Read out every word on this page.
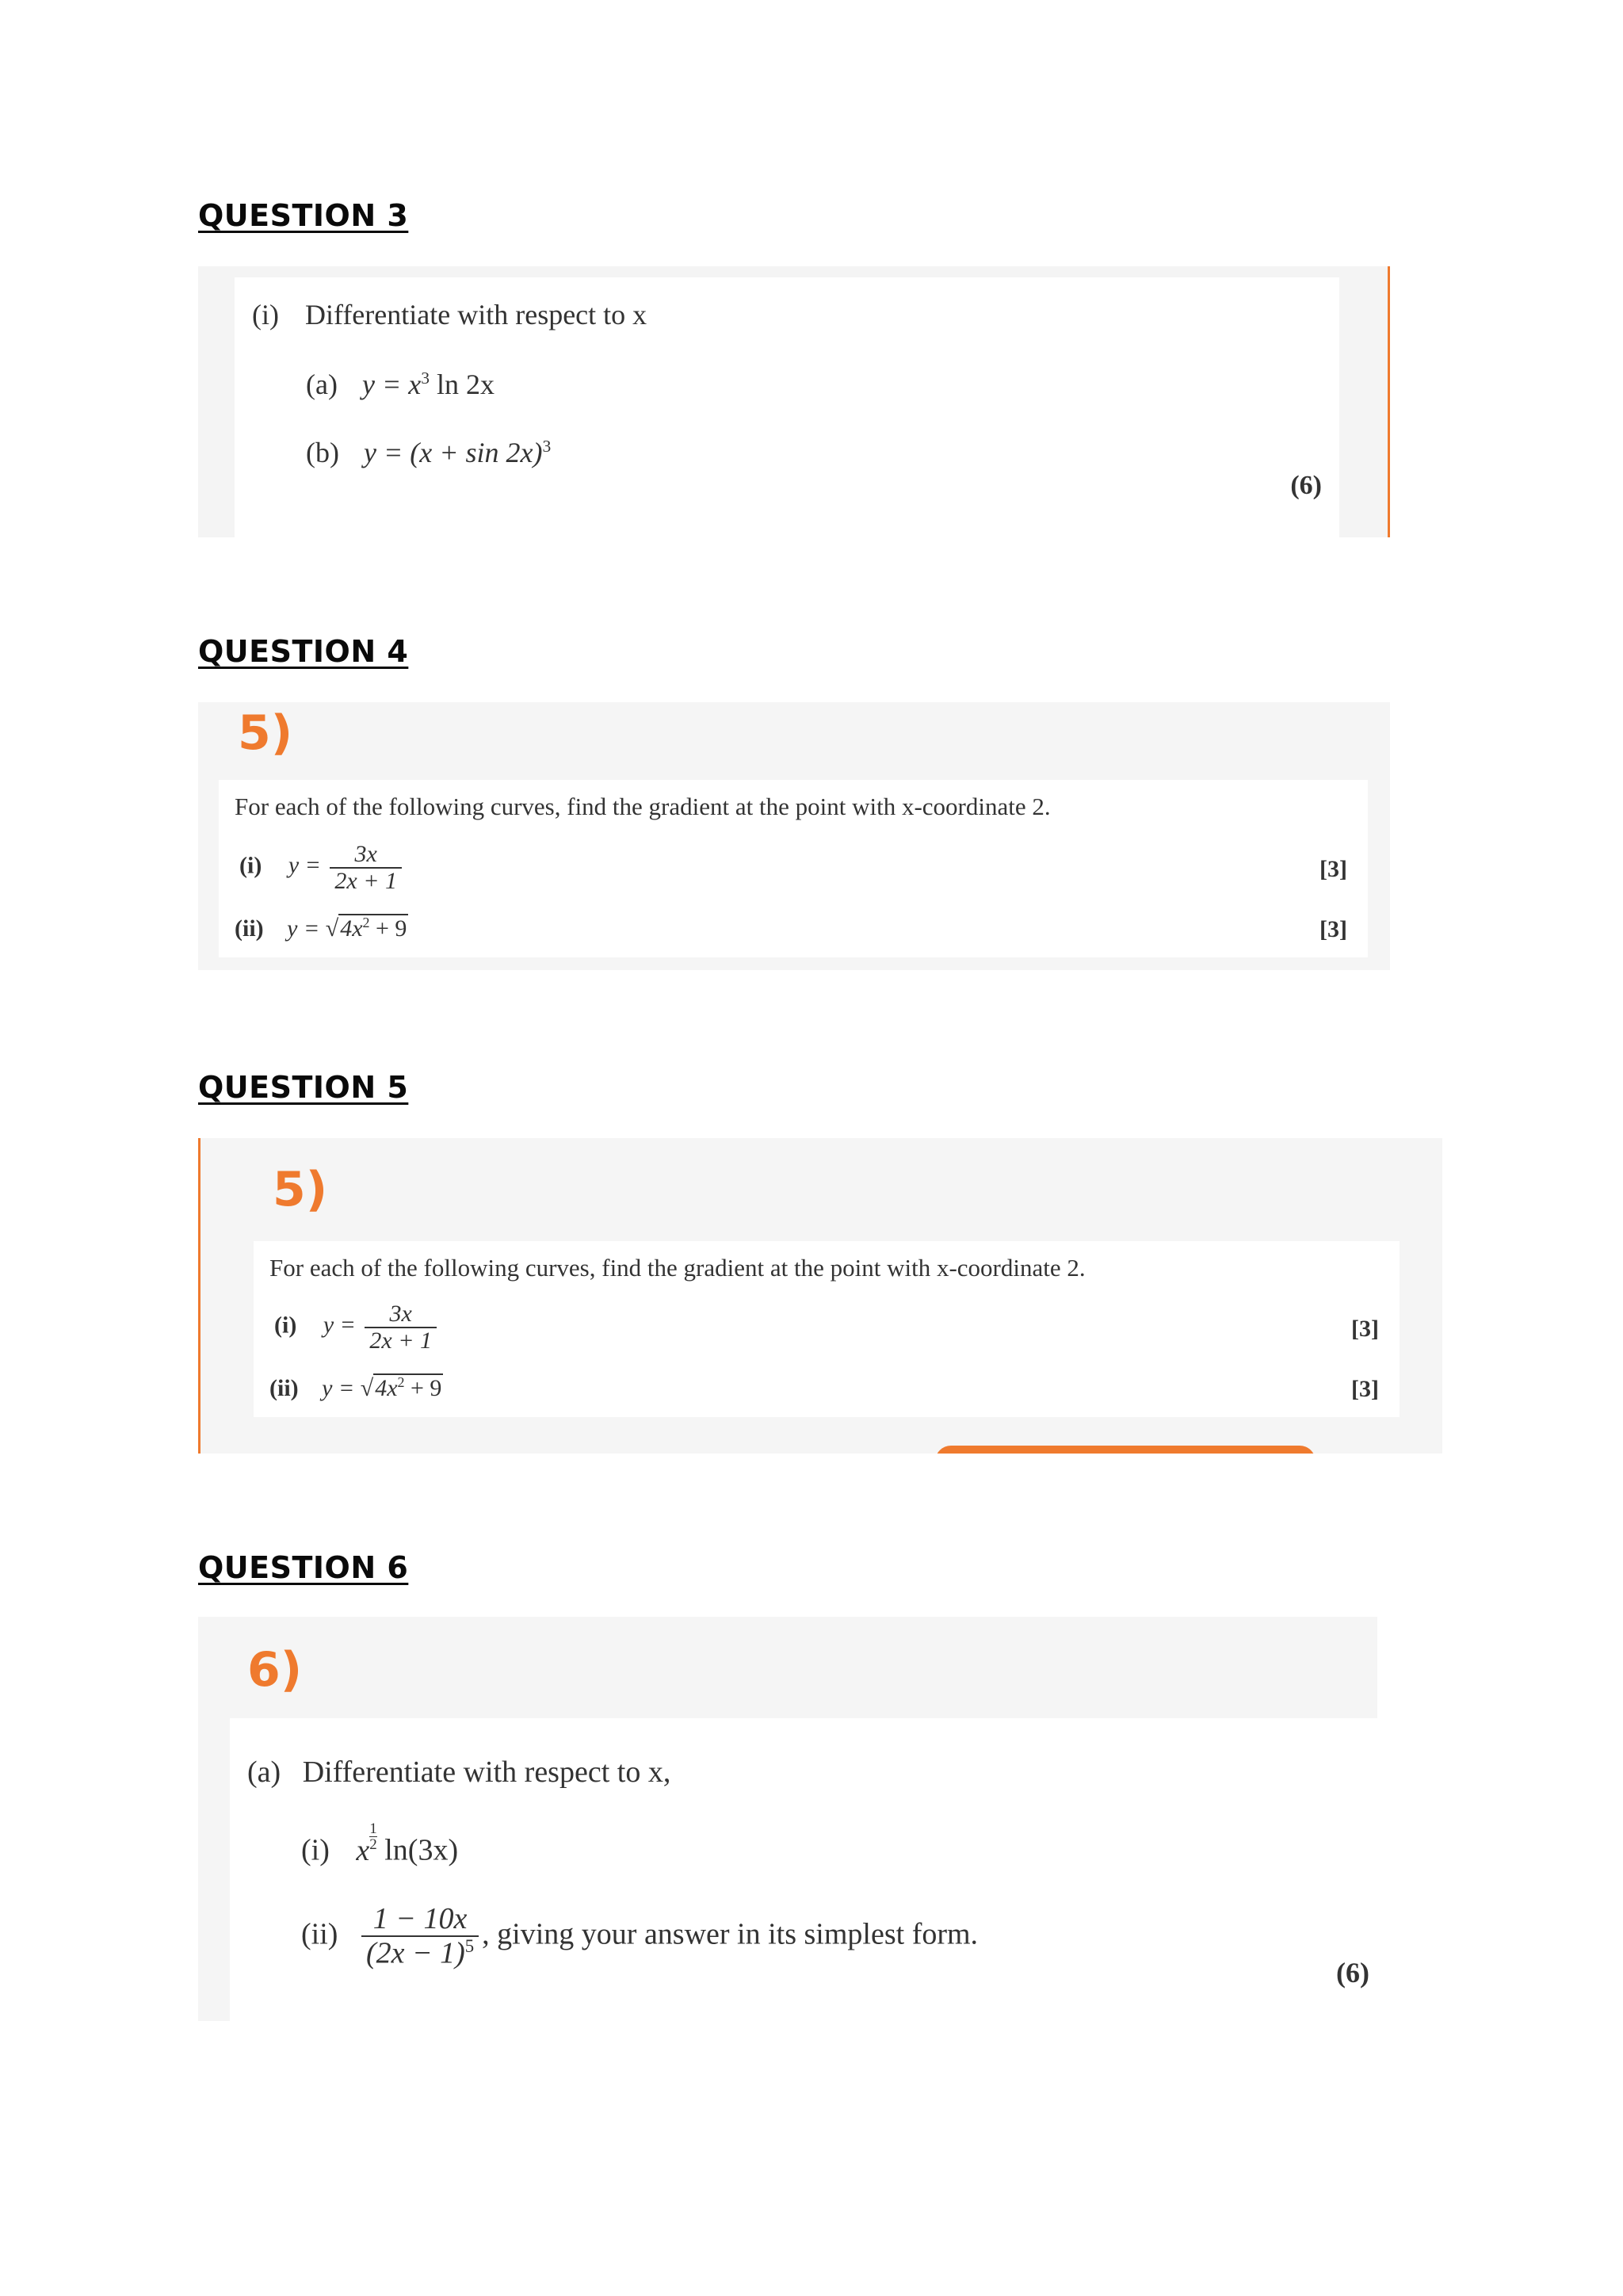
QUESTION 3
(i) Differentiate with respect to x
(a) $y = x^3$ ln 2x
(b) $y = (x + \sin 2x)^3$
(6)
QUESTION 4
5)
For each of the following curves, find the gradient at the point with x-coordinate 2.
(i) $y = \frac{3x}{2x + 1}$	[3]
(ii) $y = √4x^2 + 9$	[3]
QUESTION 5
5)
For each of the following curves, find the gradient at the point with x-coordinate 2.
(i) $y = \frac{3x}{2x + 1}$	[3]
(ii) $y = √4x^2 + 9$	[3]
QUESTION 6
6)
(a) Differentiate with respect to x,
(i) x $\frac{1}{2} \ln(3x)$
$(ii) \frac{1 - 10x}{(2x - 1)^5}$ , giving your answer in its simplest form.
(6)
